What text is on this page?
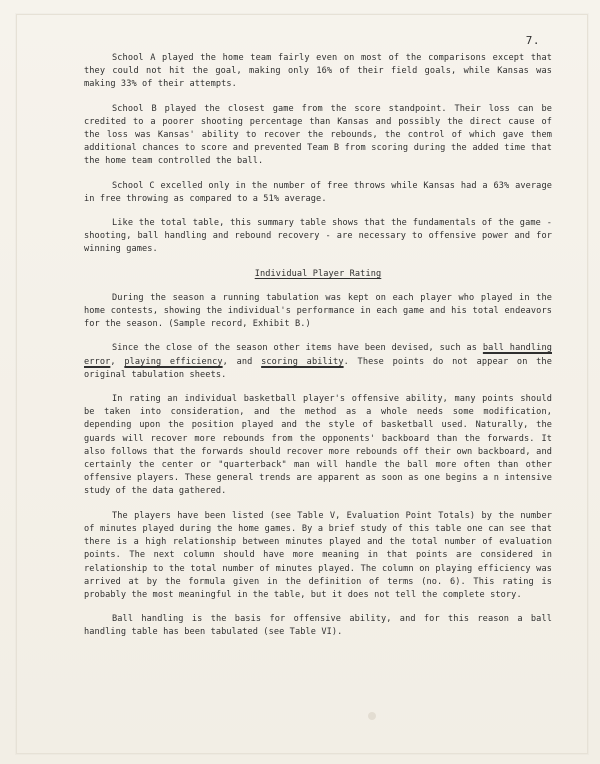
7.

School A played the home team fairly even on most of the comparisons except that they could not hit the goal, making only 16% of their field goals, while Kansas was making 33% of their attempts.

School B played the closest game from the score standpoint. Their loss can be credited to a poorer shooting percentage than Kansas and possibly the direct cause of the loss was Kansas' ability to recover the rebounds, the control of which gave them additional chances to score and prevented Team B from scoring during the added time that the home team controlled the ball.

School C excelled only in the number of free throws while Kansas had a 63% average in free throwing as compared to a 51% average.

Like the total table, this summary table shows that the fundamentals of the game - shooting, ball handling and rebound recovery - are necessary to offensive power and for winning games.

Individual Player Rating

During the season a running tabulation was kept on each player who played in the home contests, showing the individual's performance in each game and his total endeavors for the season. (Sample record, Exhibit B.)

Since the close of the season other items have been devised, such as ball handling error, playing efficiency, and scoring ability. These points do not appear on the original tabulation sheets.

In rating an individual basketball player's offensive ability, many points should be taken into consideration, and the method as a whole needs some modification, depending upon the position played and the style of basketball used. Naturally, the guards will recover more rebounds from the opponents' backboard than the forwards. It also follows that the forwards should recover more rebounds off their own backboard, and certainly the center or "quarterback" man will handle the ball more often than other offensive players. These general trends are apparent as soon as one begins a n intensive study of the data gathered.

The players have been listed (see Table V, Evaluation Point Totals) by the number of minutes played during the home games. By a brief study of this table one can see that there is a high relationship between minutes played and the total number of evaluation points. The next column should have more meaning in that points are considered in relationship to the total number of minutes played. The column on playing efficiency was arrived at by the formula given in the definition of terms (no. 6). This rating is probably the most meaningful in the table, but it does not tell the complete story.

Ball handling is the basis for offensive ability, and for this reason a ball handling table has been tabulated (see Table VI).
